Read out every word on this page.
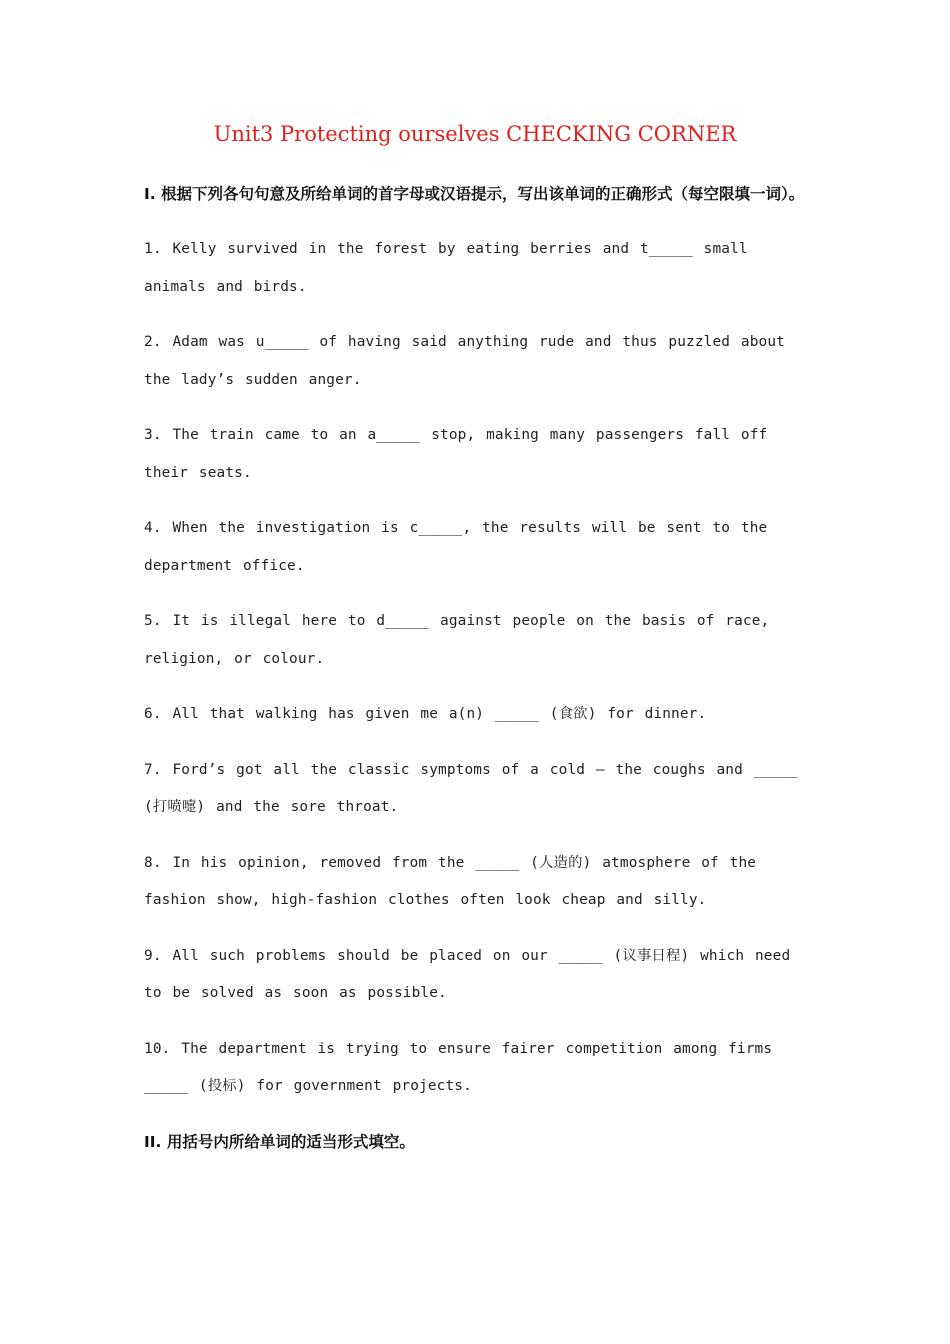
Unit3 Protecting ourselves CHECKING CORNER
I. 根据下列各句句意及所给单词的首字母或汉语提示，写出该单词的正确形式（每空限填一词）。
1. Kelly survived in the forest by eating berries and t_____ small animals and birds.
2. Adam was u_____ of having said anything rude and thus puzzled about the lady’s sudden anger.
3. The train came to an a_____ stop, making many passengers fall off their seats.
4. When the investigation is c_____, the results will be sent to the department office.
5. It is illegal here to d_____ against people on the basis of race, religion, or colour.
6. All that walking has given me a(n) _____ (食欲) for dinner.
7. Ford’s got all the classic symptoms of a cold — the coughs and _____ (打喷嚏) and the sore throat.
8. In his opinion, removed from the _____ (人造的) atmosphere of the fashion show, high-fashion clothes often look cheap and silly.
9. All such problems should be placed on our _____ (议事日程) which need to be solved as soon as possible.
10. The department is trying to ensure fairer competition among firms _____ (投标) for government projects.
II. 用括号内所给单词的适当形式填空。
